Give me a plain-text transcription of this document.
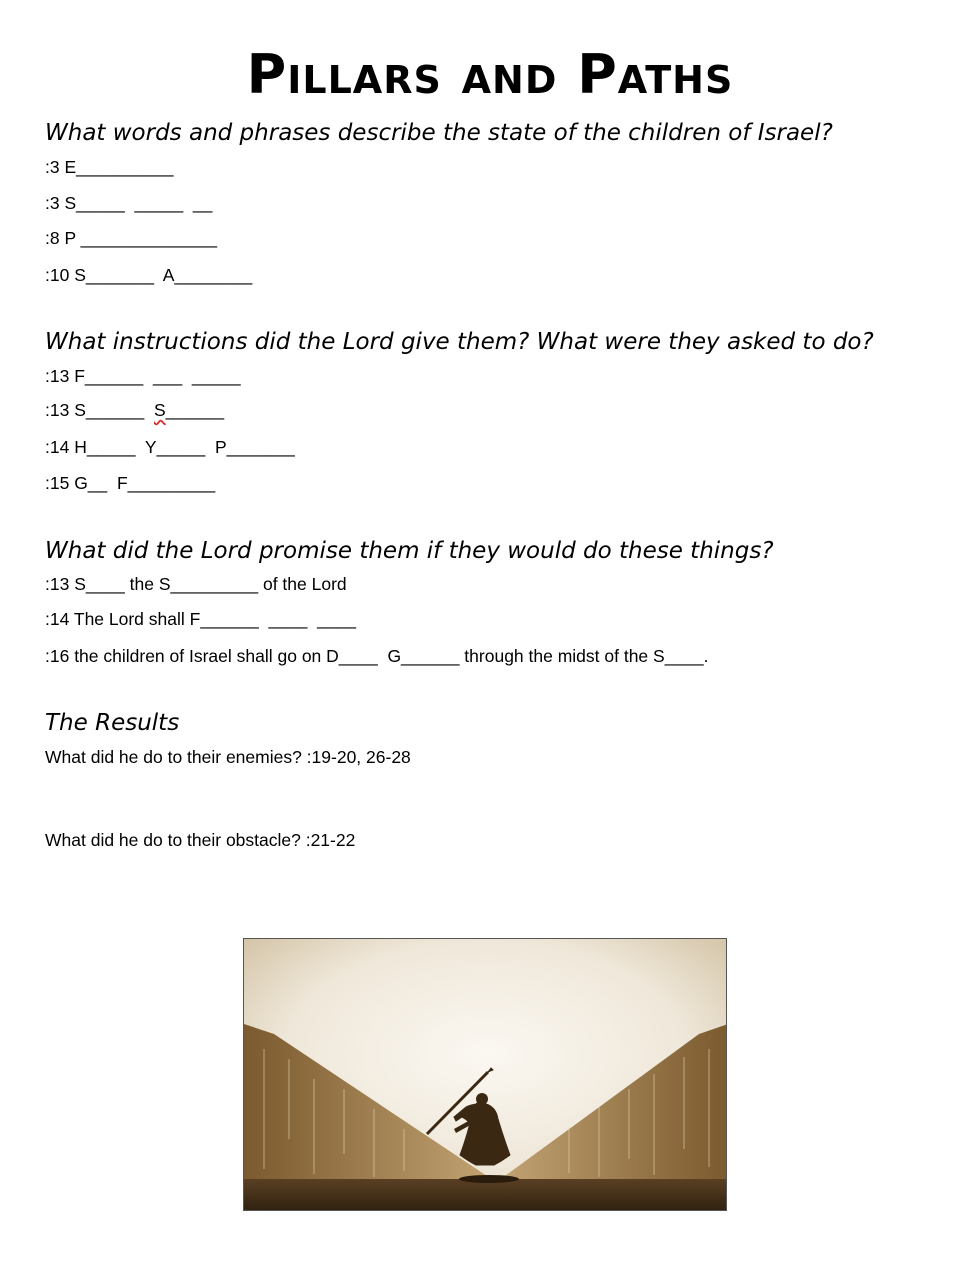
Pillars and Paths
What words and phrases describe the state of the children of Israel?
:3 E__________
:3 S_____  _____  __
:8 P ______________
:10 S_______  A________
What instructions did the Lord give them? What were they asked to do?
:13 F______  ___  _____
:13 S______  S______
:14 H_____  Y_____  P_______
:15 G__  F_________
What did the Lord promise them if they would do these things?
:13 S____ the S_________ of the Lord
:14 The Lord shall F______  ____  ____
:16 the children of Israel shall go on D____  G______ through the midst of the S____.
The Results
What did he do to their enemies? :19-20, 26-28
What did he do to their obstacle? :21-22
